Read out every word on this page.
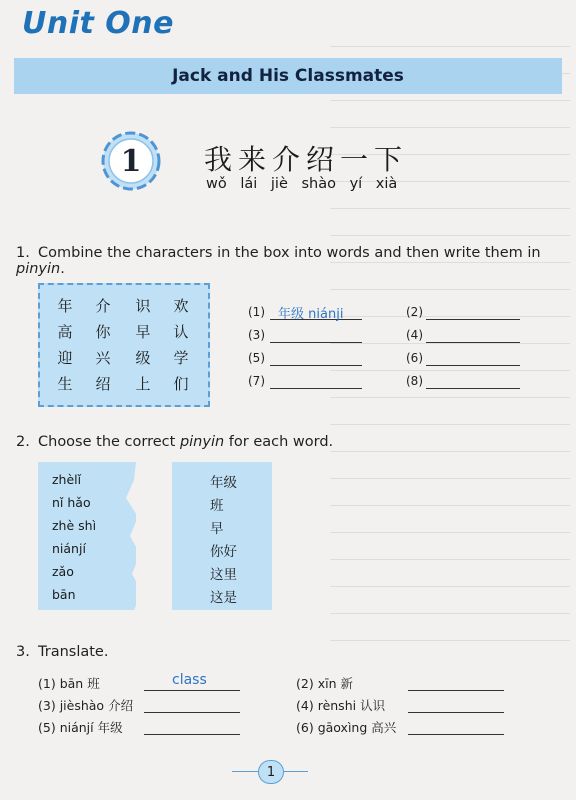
Unit One
Jack and His Classmates
1	我来介绍一下
wǒ lái jiè shào yí xià
1. Combine the characters in the box into words and then write them in pinyin.
年	介	识	欢
高	你	早	认
迎	兴	级	学
生	绍	上	们
(1) 年级 niánji	(2)
(3)	(4)
(5)	(6)
(7)	(8)
2. Choose the correct pinyin for each word.
zhèlǐ
nǐ hǎo
zhè shì
niánjí
zǎo
bān
年级
班
早
你好
这里
这是
3. Translate.
(1) bān 班	class	(2) xīn 新
(3) jièshào 介绍	(4) rènshi 认识
(5) niánjí 年级	(6) gāoxìng 高兴
1
